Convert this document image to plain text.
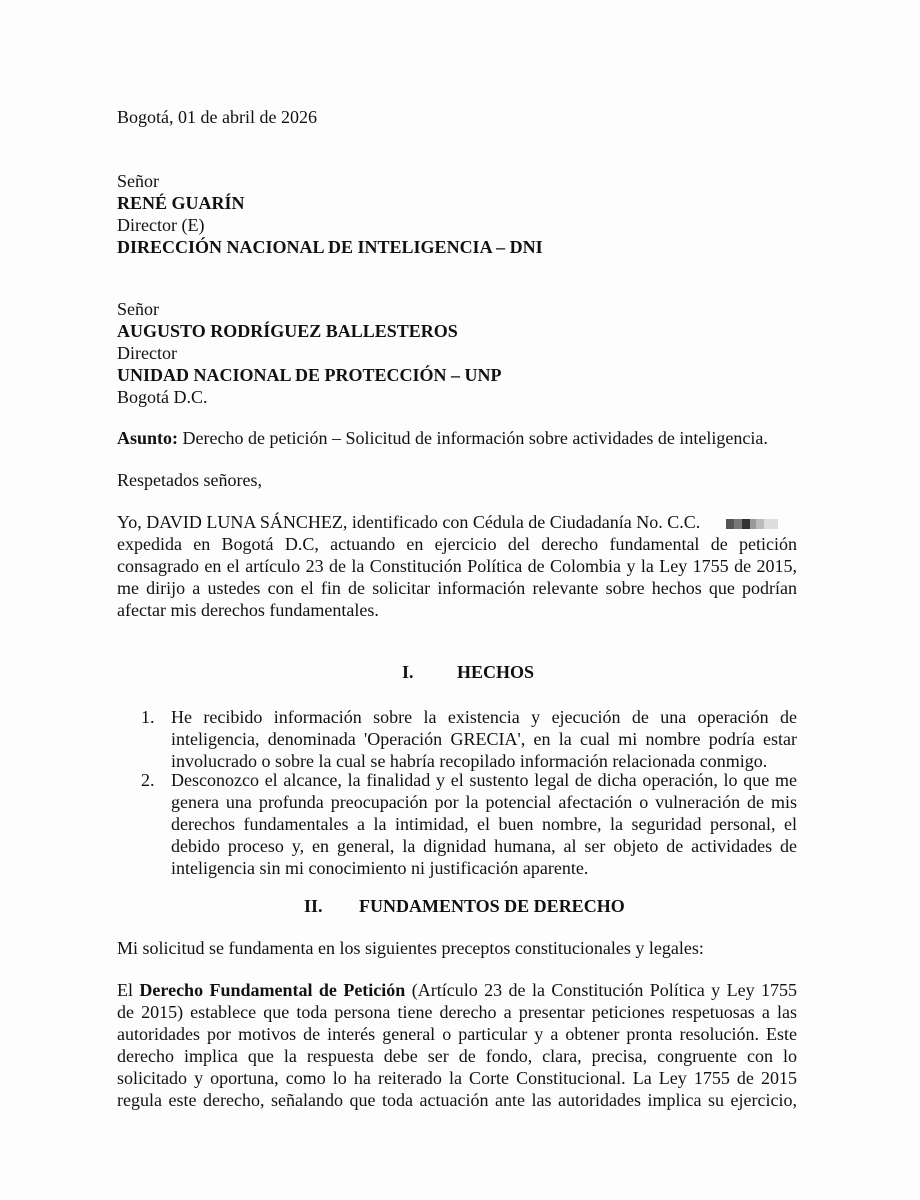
Bogotá, 01 de abril de 2026

Señor
RENÉ GUARÍN
Director (E)
DIRECCIÓN NACIONAL DE INTELIGENCIA – DNI
Señor
AUGUSTO RODRÍGUEZ BALLESTEROS
Director
UNIDAD NACIONAL DE PROTECCIÓN – UNP
Bogotá D.C.

Asunto: Derecho de petición – Solicitud de información sobre actividades de inteligencia.

Respetados señores,

Yo, DAVID LUNA SÁNCHEZ, identificado con Cédula de Ciudadanía No. C.C.
expedida en Bogotá D.C, actuando en ejercicio del derecho fundamental de petición
consagrado en el artículo 23 de la Constitución Política de Colombia y la Ley 1755 de 2015,
me dirijo a ustedes con el fin de solicitar información relevante sobre hechos que podrían
afectar mis derechos fundamentales.
I. HECHOS
1. He recibido información sobre la existencia y ejecución de una operación de
inteligencia, denominada 'Operación GRECIA', en la cual mi nombre podría estar
involucrado o sobre la cual se habría recopilado información relacionada conmigo.
2. Desconozco el alcance, la finalidad y el sustento legal de dicha operación, lo que me
genera una profunda preocupación por la potencial afectación o vulneración de mis
derechos fundamentales a la intimidad, el buen nombre, la seguridad personal, el
debido proceso y, en general, la dignidad humana, al ser objeto de actividades de
inteligencia sin mi conocimiento ni justificación aparente.
II. FUNDAMENTOS DE DERECHO

Mi solicitud se fundamenta en los siguientes preceptos constitucionales y legales:

El Derecho Fundamental de Petición (Artículo 23 de la Constitución Política y Ley 1755
de 2015) establece que toda persona tiene derecho a presentar peticiones respetuosas a las
autoridades por motivos de interés general o particular y a obtener pronta resolución. Este
derecho implica que la respuesta debe ser de fondo, clara, precisa, congruente con lo
solicitado y oportuna, como lo ha reiterado la Corte Constitucional. La Ley 1755 de 2015
regula este derecho, señalando que toda actuación ante las autoridades implica su ejercicio,
